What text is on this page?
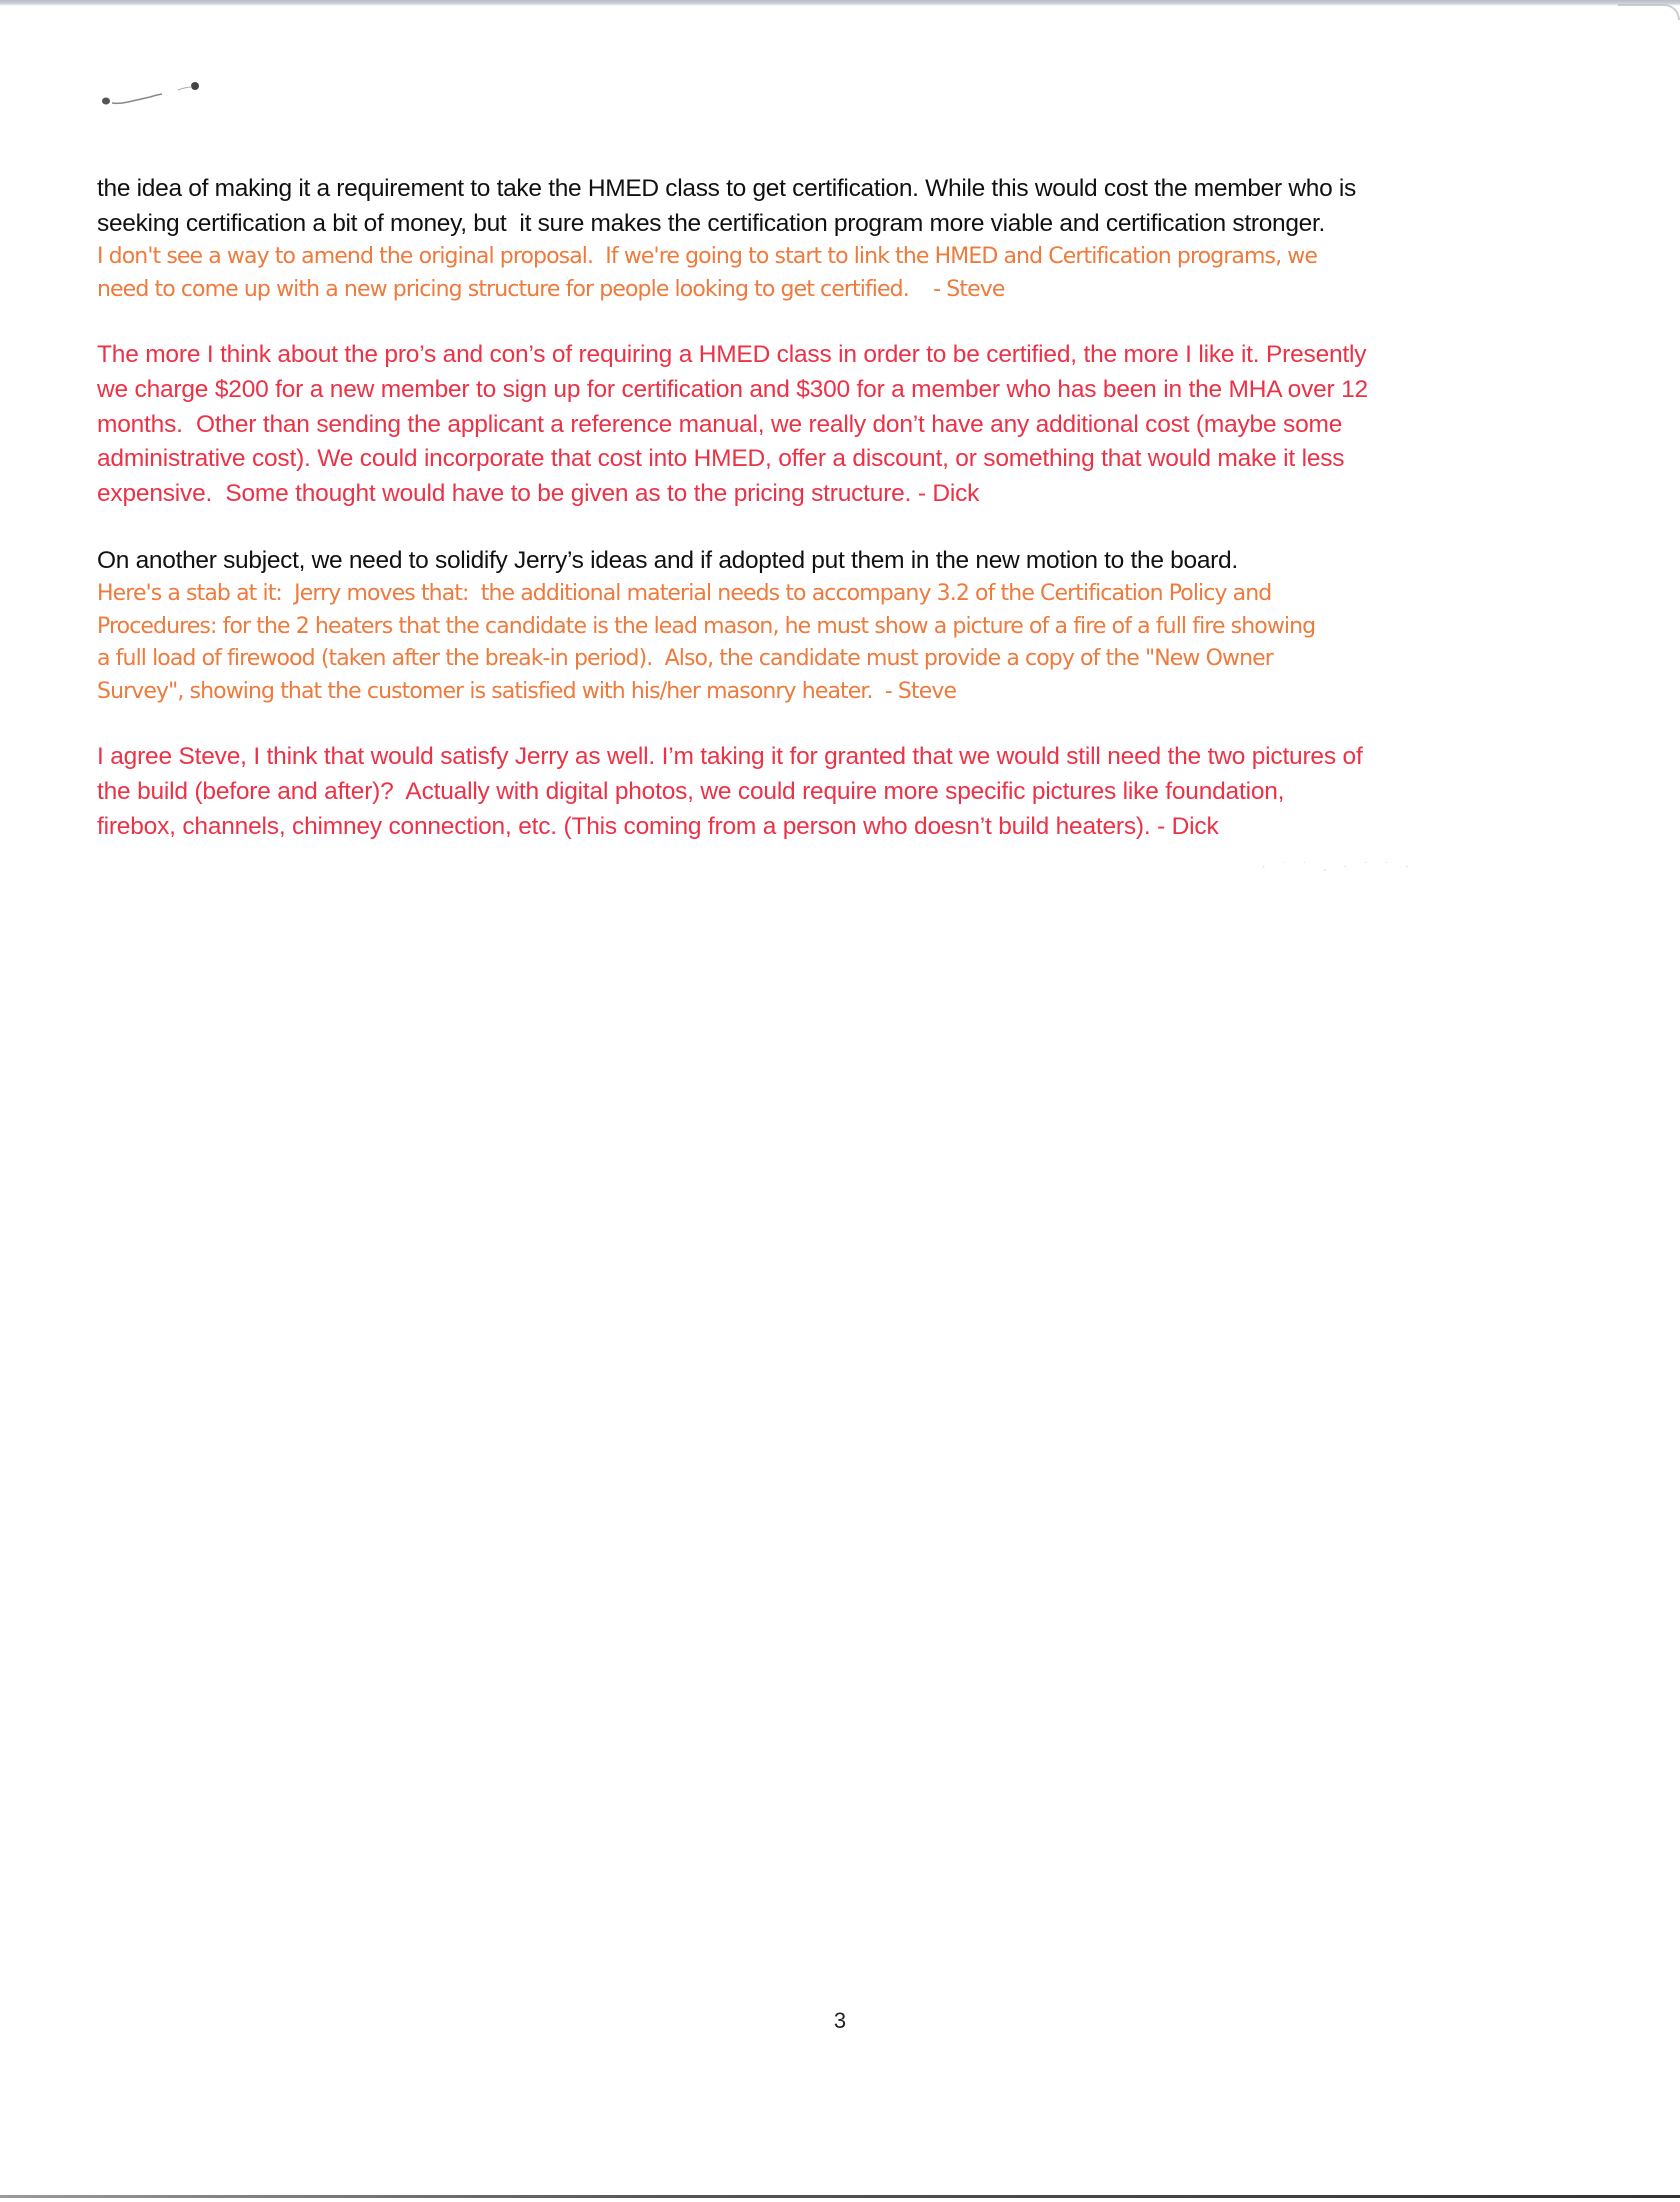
the idea of making it a requirement to take the HMED class to get certification. While this would cost the member who is
seeking certification a bit of money, but  it sure makes the certification program more viable and certification stronger.
I don't see a way to amend the original proposal.  If we're going to start to link the HMED and Certification programs, we
need to come up with a new pricing structure for people looking to get certified.    - Steve
The more I think about the pro’s and con’s of requiring a HMED class in order to be certified, the more I like it. Presently
we charge $200 for a new member to sign up for certification and $300 for a member who has been in the MHA over 12
months.  Other than sending the applicant a reference manual, we really don’t have any additional cost (maybe some
administrative cost). We could incorporate that cost into HMED, offer a discount, or something that would make it less
expensive.  Some thought would have to be given as to the pricing structure. - Dick
On another subject, we need to solidify Jerry’s ideas and if adopted put them in the new motion to the board.
Here's a stab at it:  Jerry moves that:  the additional material needs to accompany 3.2 of the Certification Policy and
Procedures: for the 2 heaters that the candidate is the lead mason, he must show a picture of a fire of a full fire showing
a full load of firewood (taken after the break-in period).  Also, the candidate must provide a copy of the "New Owner
Survey", showing that the customer is satisfied with his/her masonry heater.  - Steve
I agree Steve, I think that would satisfy Jerry as well. I’m taking it for granted that we would still need the two pictures of
the build (before and after)?  Actually with digital photos, we could require more specific pictures like foundation,
firebox, channels, chimney connection, etc. (This coming from a person who doesn’t build heaters). - Dick
· ˙ ˙ . · ˙ ˙ ·
3
